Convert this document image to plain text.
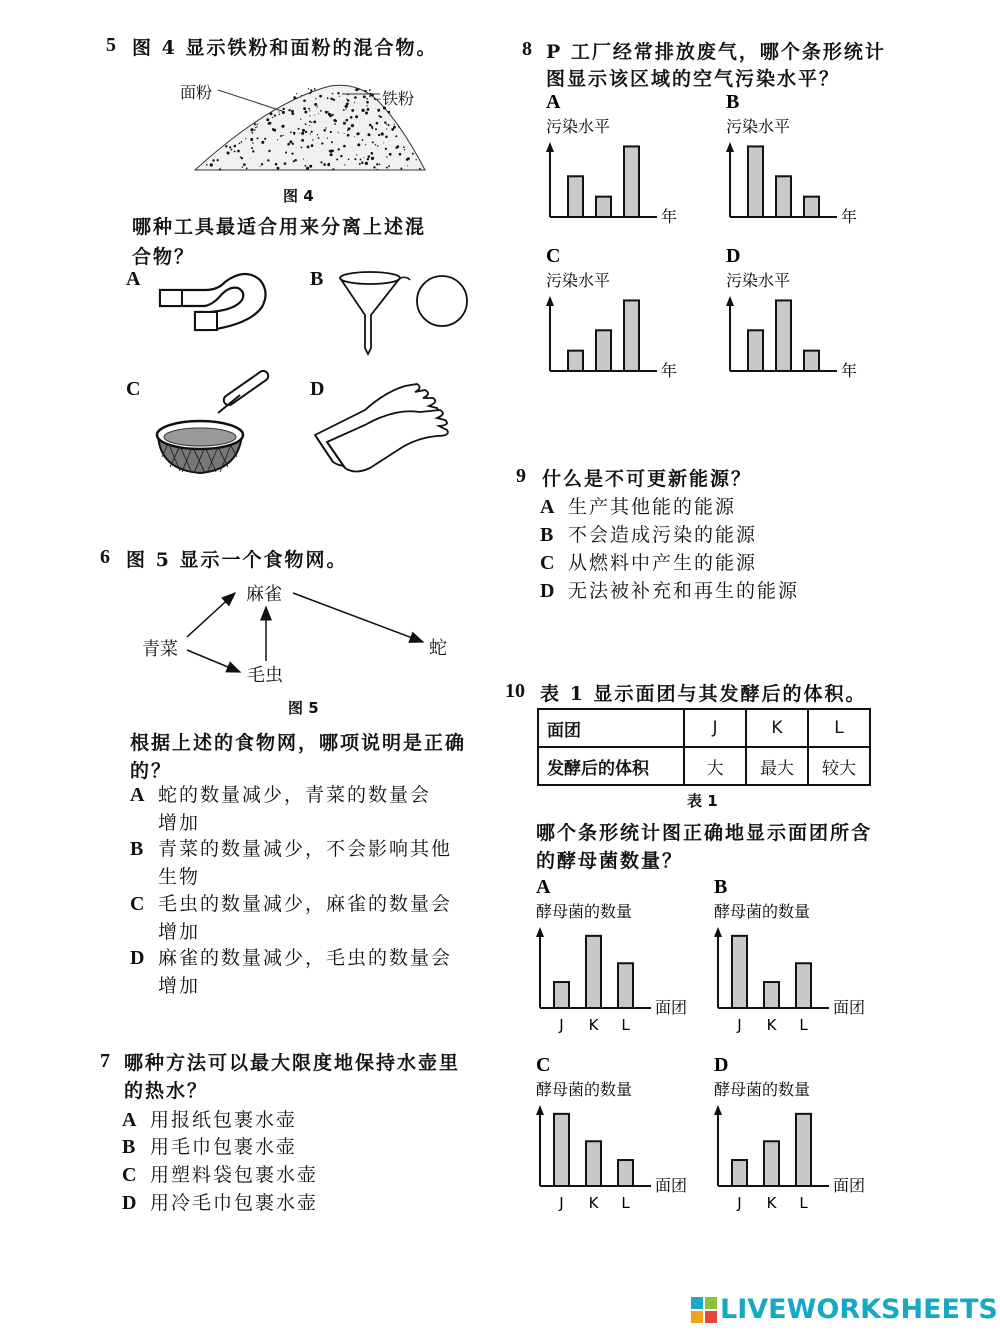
5 图 4 显示铁粉和面粉的混合物。
面粉	铁粉
图 4
哪种工具最适合用来分离上述混
合物？
A	B
C	D
6 图 5 显示一个食物网。
青菜
麻雀
毛虫
蛇
图 5
根据上述的食物网，哪项说明是正确
的？
A 蛇的数量减少，青菜的数量会
增加
B 青菜的数量减少，不会影响其他
生物
C 毛虫的数量减少，麻雀的数量会
增加
D 麻雀的数量减少，毛虫的数量会
增加
7 哪种方法可以最大限度地保持水壶里
的热水？
A 用报纸包裹水壶
B 用毛巾包裹水壶
C 用塑料袋包裹水壶
D 用冷毛巾包裹水壶
8 P 工厂经常排放废气，哪个条形统计
图显示该区域的空气污染水平？
A
污染水平
年
B
污染水平
年
C
污染水平
年
D
污染水平
年
9 什么是不可更新能源？
A 生产其他能的能源
B 不会造成污染的能源
C 从燃料中产生的能源
D 无法被补充和再生的能源
10 表 1 显示面团与其发酵后的体积。
面团	J	K	L
发酵后的体积	大	最大	较大
表 1
哪个条形统计图正确地显示面团所含
的酵母菌数量？
A
酵母菌的数量
面团
J K L
B
酵母菌的数量
面团
J K L
C
酵母菌的数量
面团
J K L
D
酵母菌的数量
面团
J K L
LIVEWORKSHEETS
